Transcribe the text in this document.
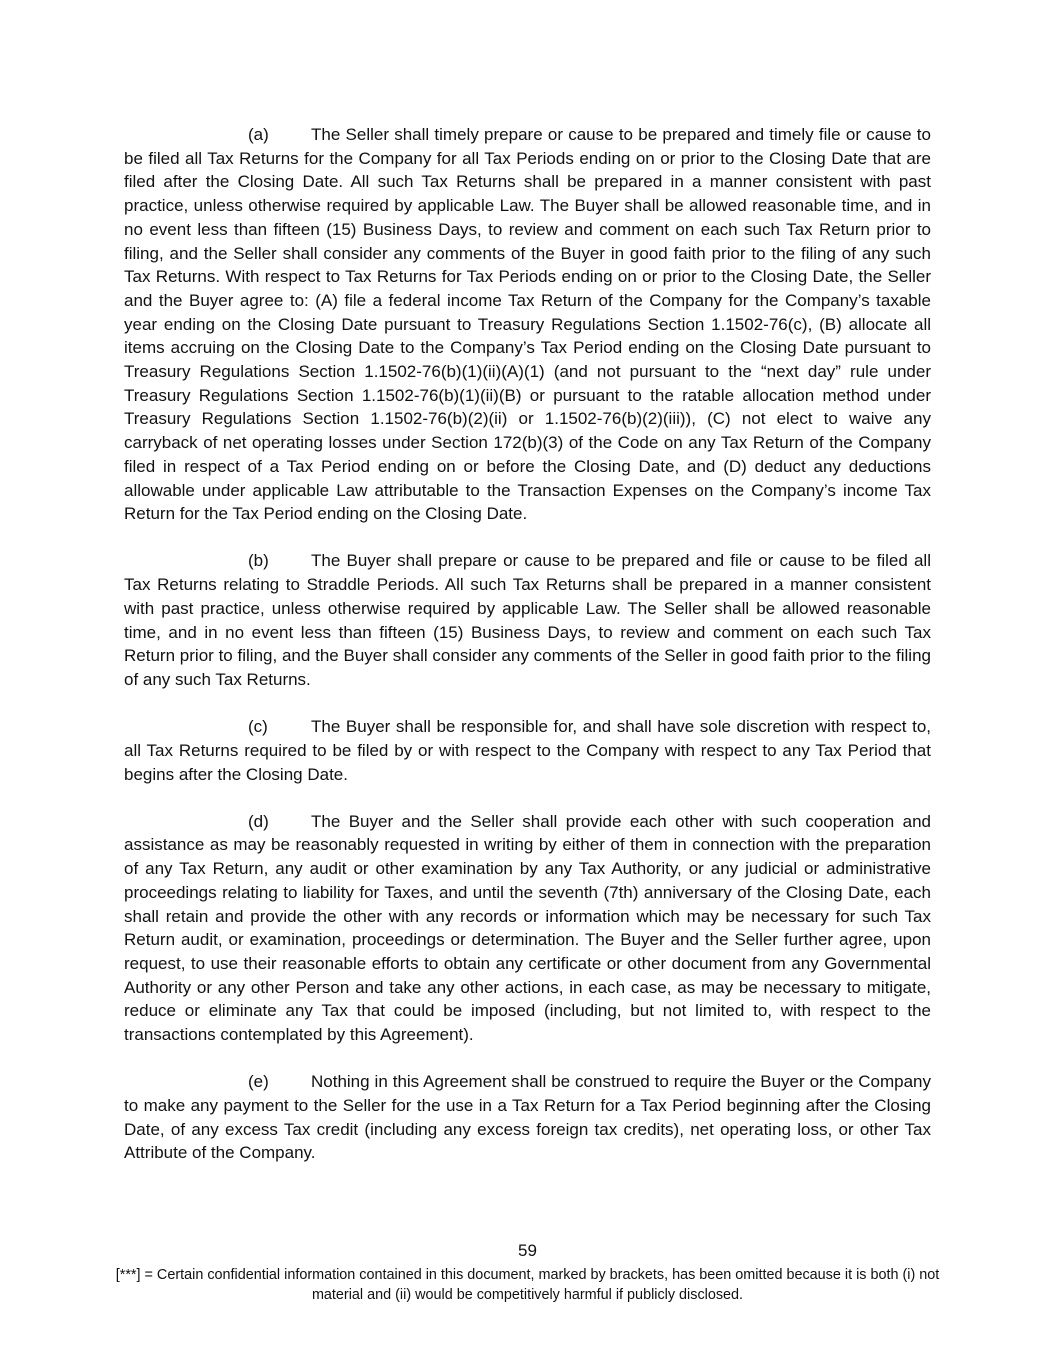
(a) The Seller shall timely prepare or cause to be prepared and timely file or cause to be filed all Tax Returns for the Company for all Tax Periods ending on or prior to the Closing Date that are filed after the Closing Date. All such Tax Returns shall be prepared in a manner consistent with past practice, unless otherwise required by applicable Law. The Buyer shall be allowed reasonable time, and in no event less than fifteen (15) Business Days, to review and comment on each such Tax Return prior to filing, and the Seller shall consider any comments of the Buyer in good faith prior to the filing of any such Tax Returns. With respect to Tax Returns for Tax Periods ending on or prior to the Closing Date, the Seller and the Buyer agree to: (A) file a federal income Tax Return of the Company for the Company’s taxable year ending on the Closing Date pursuant to Treasury Regulations Section 1.1502-76(c), (B) allocate all items accruing on the Closing Date to the Company’s Tax Period ending on the Closing Date pursuant to Treasury Regulations Section 1.1502-76(b)(1)(ii)(A)(1) (and not pursuant to the “next day” rule under Treasury Regulations Section 1.1502-76(b)(1)(ii)(B) or pursuant to the ratable allocation method under Treasury Regulations Section 1.1502-76(b)(2)(ii) or 1.1502-76(b)(2)(iii)), (C) not elect to waive any carryback of net operating losses under Section 172(b)(3) of the Code on any Tax Return of the Company filed in respect of a Tax Period ending on or before the Closing Date, and (D) deduct any deductions allowable under applicable Law attributable to the Transaction Expenses on the Company’s income Tax Return for the Tax Period ending on the Closing Date.

(b) The Buyer shall prepare or cause to be prepared and file or cause to be filed all Tax Returns relating to Straddle Periods. All such Tax Returns shall be prepared in a manner consistent with past practice, unless otherwise required by applicable Law. The Seller shall be allowed reasonable time, and in no event less than fifteen (15) Business Days, to review and comment on each such Tax Return prior to filing, and the Buyer shall consider any comments of the Seller in good faith prior to the filing of any such Tax Returns.

(c)	The Buyer shall be responsible for, and shall have sole discretion with respect to, all Tax Returns required to be filed by or with respect to the Company with respect to any Tax Period that begins after the Closing Date.

(d) The Buyer and the Seller shall provide each other with such cooperation and assistance as may be reasonably requested in writing by either of them in connection with the preparation of any Tax Return, any audit or other examination by any Tax Authority, or any judicial or administrative proceedings relating to liability for Taxes, and until the seventh (7th) anniversary of the Closing Date, each shall retain and provide the other with any records or information which may be necessary for such Tax Return audit, or examination, proceedings or determination. The Buyer and the Seller further agree, upon request, to use their reasonable efforts to obtain any certificate or other document from any Governmental Authority or any other Person and take any other actions, in each case, as may be necessary to mitigate, reduce or eliminate any Tax that could be imposed (including, but not limited to, with respect to the transactions contemplated by this Agreement).

(e) Nothing in this Agreement shall be construed to require the Buyer or the Company to make any payment to the Seller for the use in a Tax Return for a Tax Period beginning after the Closing Date, of any excess Tax credit (including any excess foreign tax credits), net operating loss, or other Tax Attribute of the Company.

59
[***] = Certain confidential information contained in this document, marked by brackets, has been omitted because it is both (i) not material and (ii) would be competitively harmful if publicly disclosed.
